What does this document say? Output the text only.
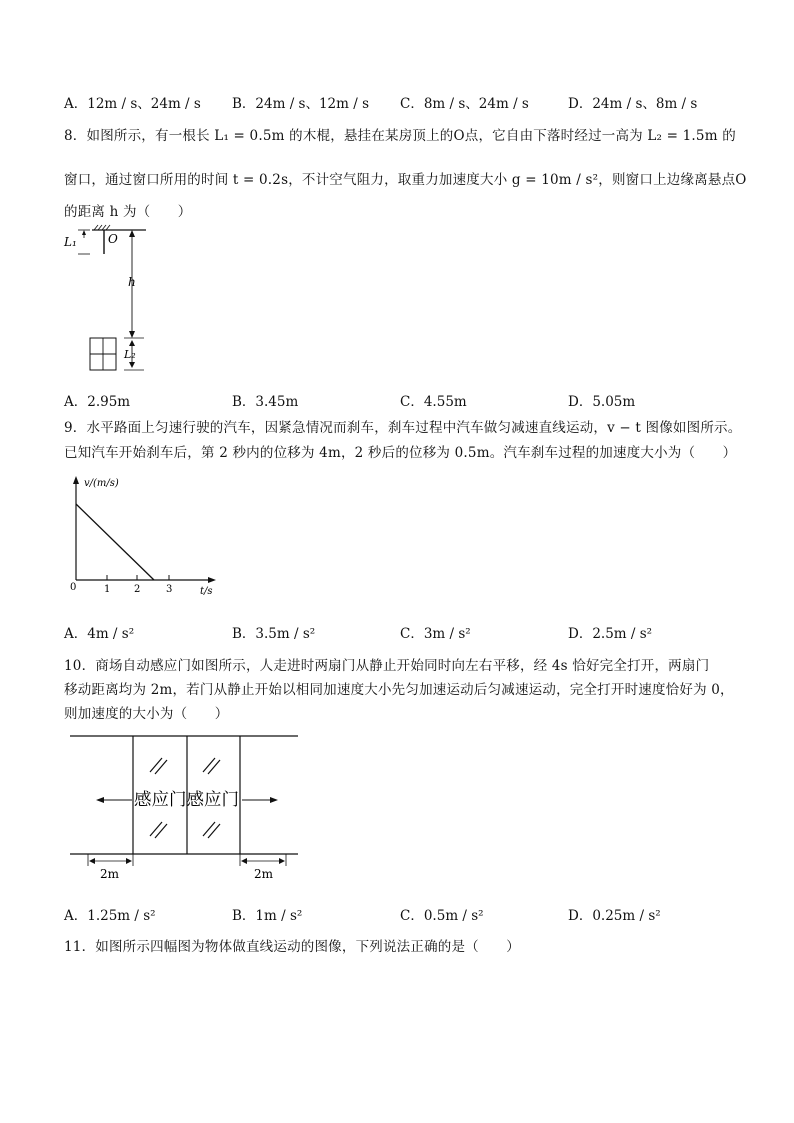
A．12m / s、24m / s B．24m / s、12m / s C．8m / s、24m / s	D．24m / s、8m / s
8．如图所示，有一根长 L₁ = 0.5m 的木棍，悬挂在某房顶上的O点，它自由下落时经过一高为 L₂ = 1.5m 的
窗口，通过窗口所用的时间 t = 0.2s，不计空气阻力，取重力加速度大小 g = 10m / s²，则窗口上边缘离悬点O
的距离 h 为（　　）
L₁	O
h
L₂
A．2.95m	B．3.45m	C．4.55m	D．5.05m
9．水平路面上匀速行驶的汽车，因紧急情况而刹车，刹车过程中汽车做匀减速直线运动，v − t 图像如图所示。
已知汽车开始刹车后，第 2 秒内的位移为 4m，2 秒后的位移为 0.5m。汽车刹车过程的加速度大小为（　　）
v/(m/s)
t/s
0	1 2	3
A．4m / s²	B．3.5m / s²	C．3m / s²	D．2.5m / s²
10．商场自动感应门如图所示，人走进时两扇门从静止开始同时向左右平移，经 4s 恰好完全打开，两扇门
移动距离均为 2m，若门从静止开始以相同加速度大小先匀加速运动后匀减速运动，完全打开时速度恰好为 0，
则加速度的大小为（　　）
感应门感应门
2m	2m
A．1.25m / s²	B．1m / s²	C．0.5m / s²	D．0.25m / s²
11．如图所示四幅图为物体做直线运动的图像，下列说法正确的是（　　）
